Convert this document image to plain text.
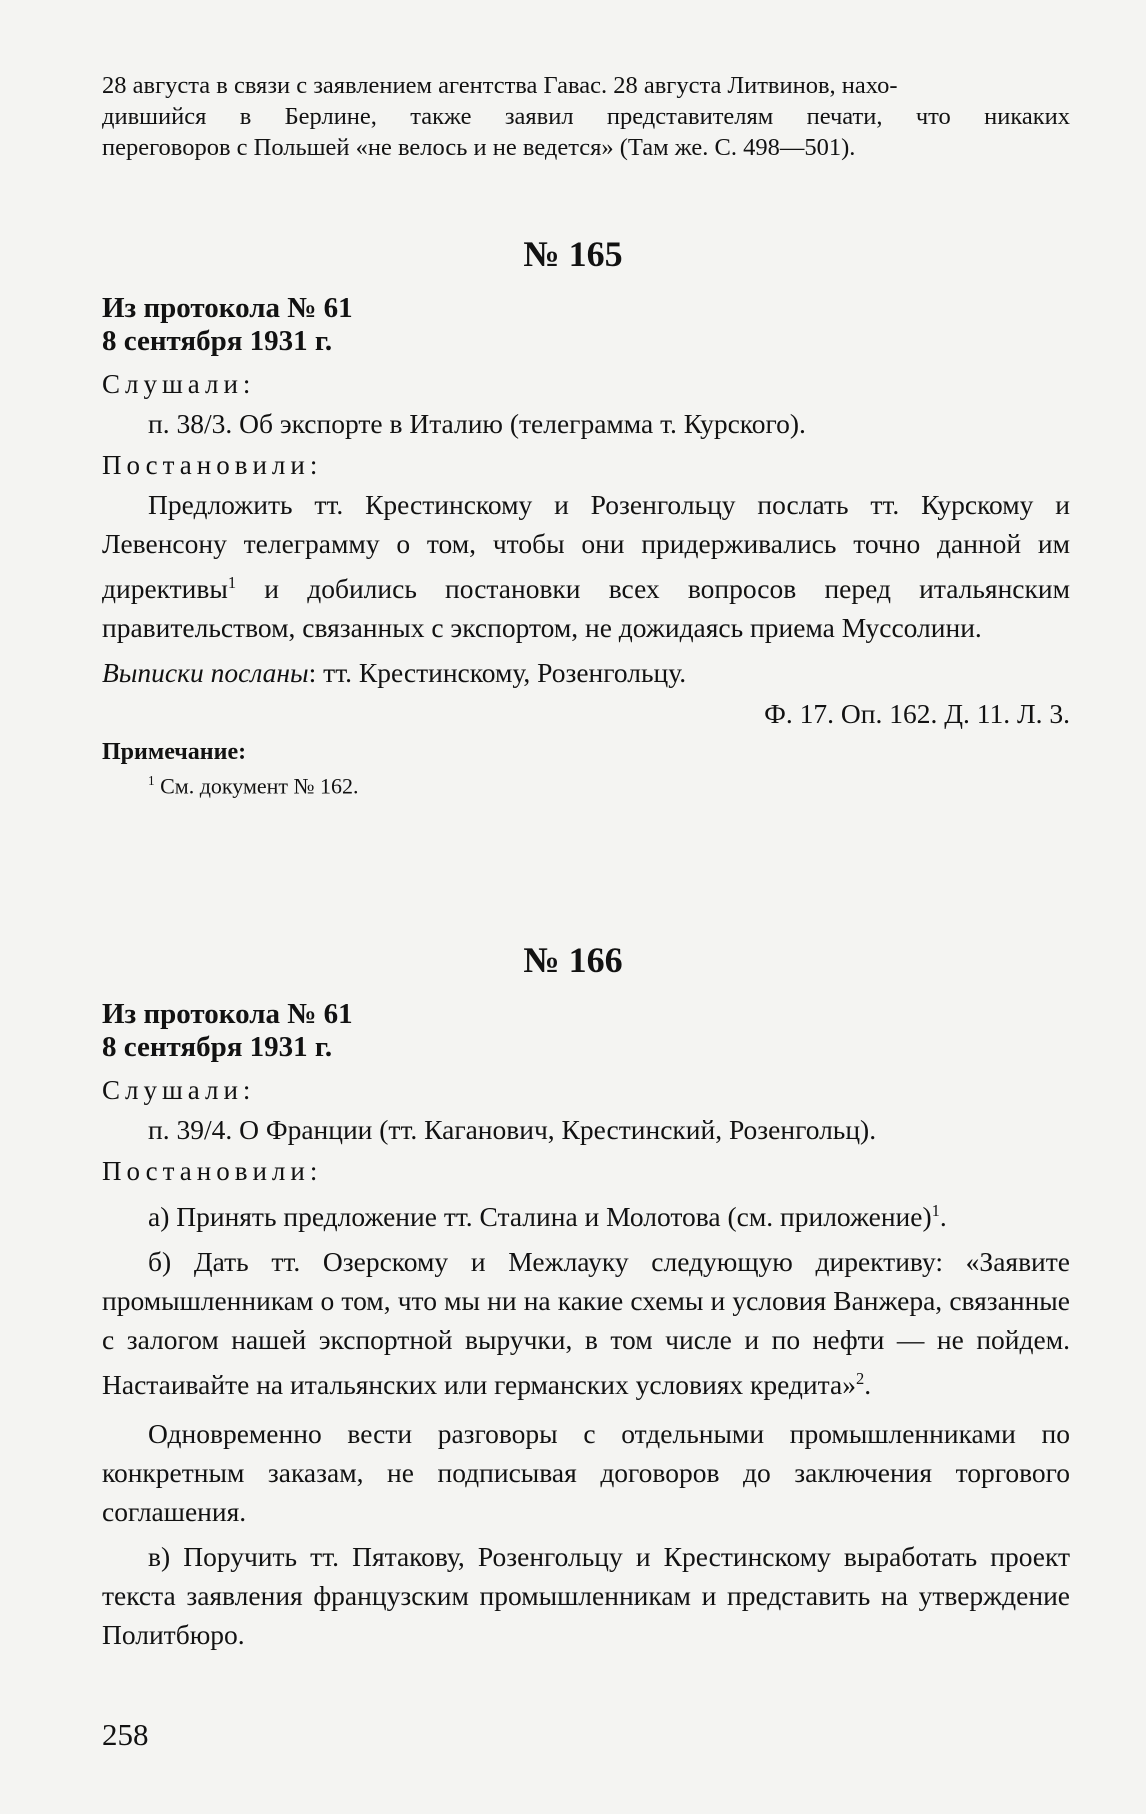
28 августа в связи с заявлением агентства Гавас. 28 августа Литвинов, нахо-
дившийся в Берлине, также заявил представителям печати, что никаких
переговоров с Польшей «не велось и не ведется» (Там же. С. 498—501).
№ 165
Из протокола № 61
8 сентября 1931 г.
Слушали:
п. 38/3. Об экспорте в Италию (телеграмма т. Курского).
Постановили:
Предложить тт. Крестинскому и Розенгольцу послать тт. Курскому и Левенсону телеграмму о том, чтобы они придерживались точно данной им директивы$^1$ и добились постановки всех вопросов перед итальянским правительством, связанных с экспортом, не дожидаясь приема Муссолини.
Выписки посланы: тт. Крестинскому, Розенгольцу.
Ф. 17. Оп. 162. Д. 11. Л. 3.
Примечание:
$^1$ См. документ № 162.
№ 166
Из протокола № 61
8 сентября 1931 г.
Слушали:
п. 39/4. О Франции (тт. Каганович, Крестинский, Розенгольц).
Постановили:
а) Принять предложение тт. Сталина и Молотова (см. приложение)$^1$.
б) Дать тт. Озерскому и Межлауку следующую директиву: «Заявите промышленникам о том, что мы ни на какие схемы и условия Ванжера, связанные с залогом нашей экспортной выручки, в том числе и по нефти — не пойдем. Настаивайте на итальянских или германских условиях кредита»$^2$.
Одновременно вести разговоры с отдельными промышленниками по конкретным заказам, не подписывая договоров до заключения торгового соглашения.
в) Поручить тт. Пятакову, Розенгольцу и Крестинскому выработать проект текста заявления французским промышленникам и представить на утверждение Политбюро.
258
